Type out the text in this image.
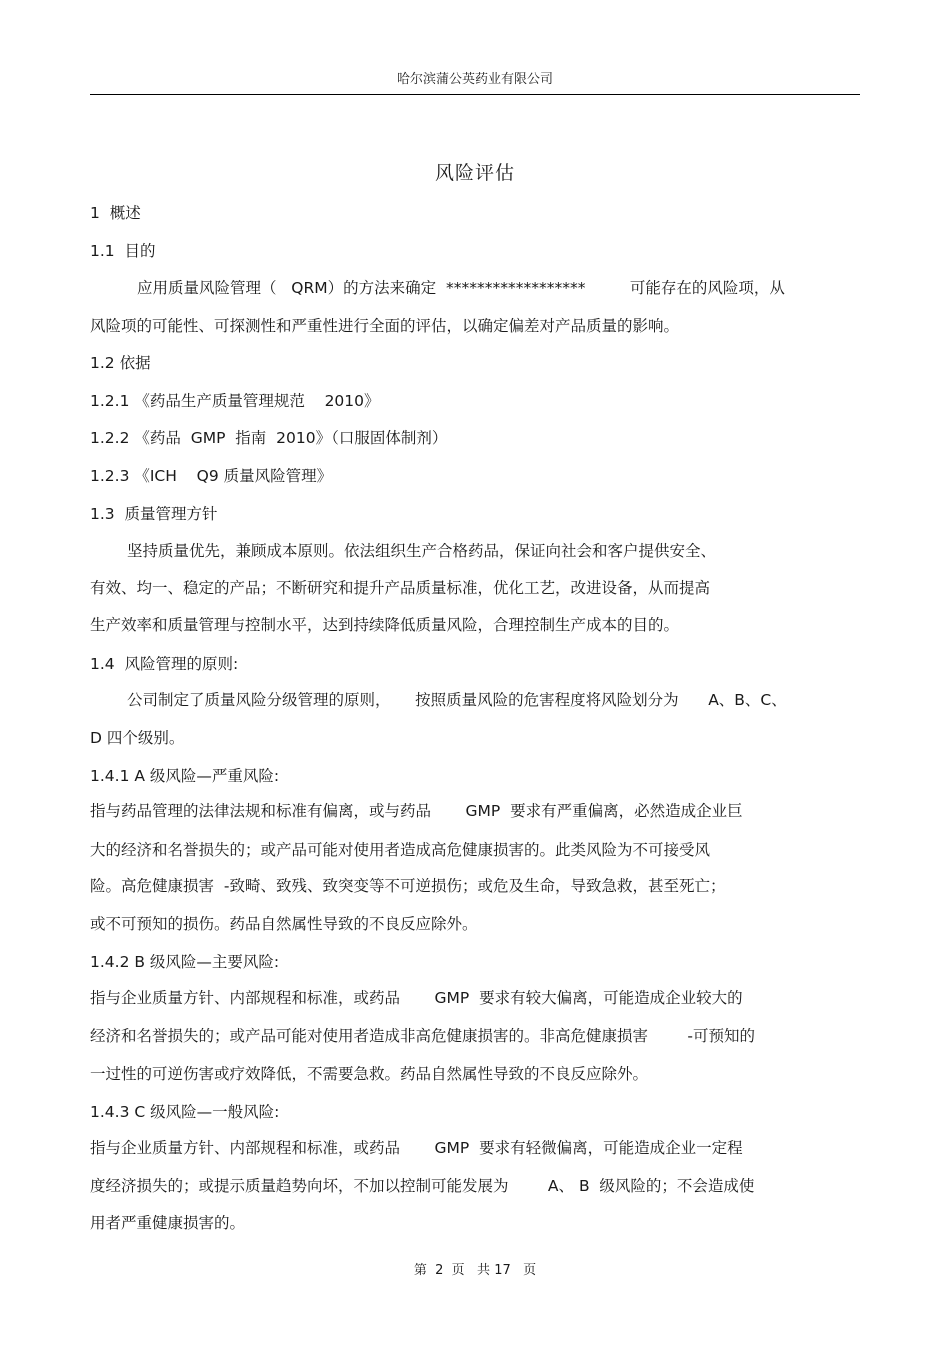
哈尔滨蒲公英药业有限公司
风险评估
1  概述
1.1  目的
应用质量风险管理（   QRM）的方法来确定  ******************         可能存在的风险项，从
风险项的可能性、可探测性和严重性进行全面的评估，以确定偏差对产品质量的影响。
1.2 依据
1.2.1 《药品生产质量管理规范    2010》
1.2.2 《药品  GMP  指南  2010》（口服固体制剂）
1.2.3 《ICH    Q9 质量风险管理》
1.3  质量管理方针
坚持质量优先，兼顾成本原则。依法组织生产合格药品，保证向社会和客户提供安全、
有效、均一、稳定的产品；不断研究和提升产品质量标准，优化工艺，改进设备，从而提高
生产效率和质量管理与控制水平，达到持续降低质量风险，合理控制生产成本的目的。
1.4  风险管理的原则:
公司制定了质量风险分级管理的原则，     按照质量风险的危害程度将风险划分为      A、B、C、
D 四个级别。
1.4.1 A 级风险—严重风险:
指与药品管理的法律法规和标准有偏离，或与药品       GMP  要求有严重偏离，必然造成企业巨
大的经济和名誉损失的；或产品可能对使用者造成高危健康损害的。此类风险为不可接受风
险。高危健康损害  -致畸、致残、致突变等不可逆损伤；或危及生命，导致急救，甚至死亡；
或不可预知的损伤。药品自然属性导致的不良反应除外。
1.4.2 B 级风险—主要风险:
指与企业质量方针、内部规程和标准，或药品       GMP  要求有较大偏离，可能造成企业较大的
经济和名誉损失的；或产品可能对使用者造成非高危健康损害的。非高危健康损害        -可预知的
一过性的可逆伤害或疗效降低，不需要急救。药品自然属性导致的不良反应除外。
1.4.3 C 级风险—一般风险:
指与企业质量方针、内部规程和标准，或药品       GMP  要求有轻微偏离，可能造成企业一定程
度经济损失的；或提示质量趋势向坏，不加以控制可能发展为        A、 B  级风险的；不会造成使
用者严重健康损害的。
第  2  页   共 17   页
